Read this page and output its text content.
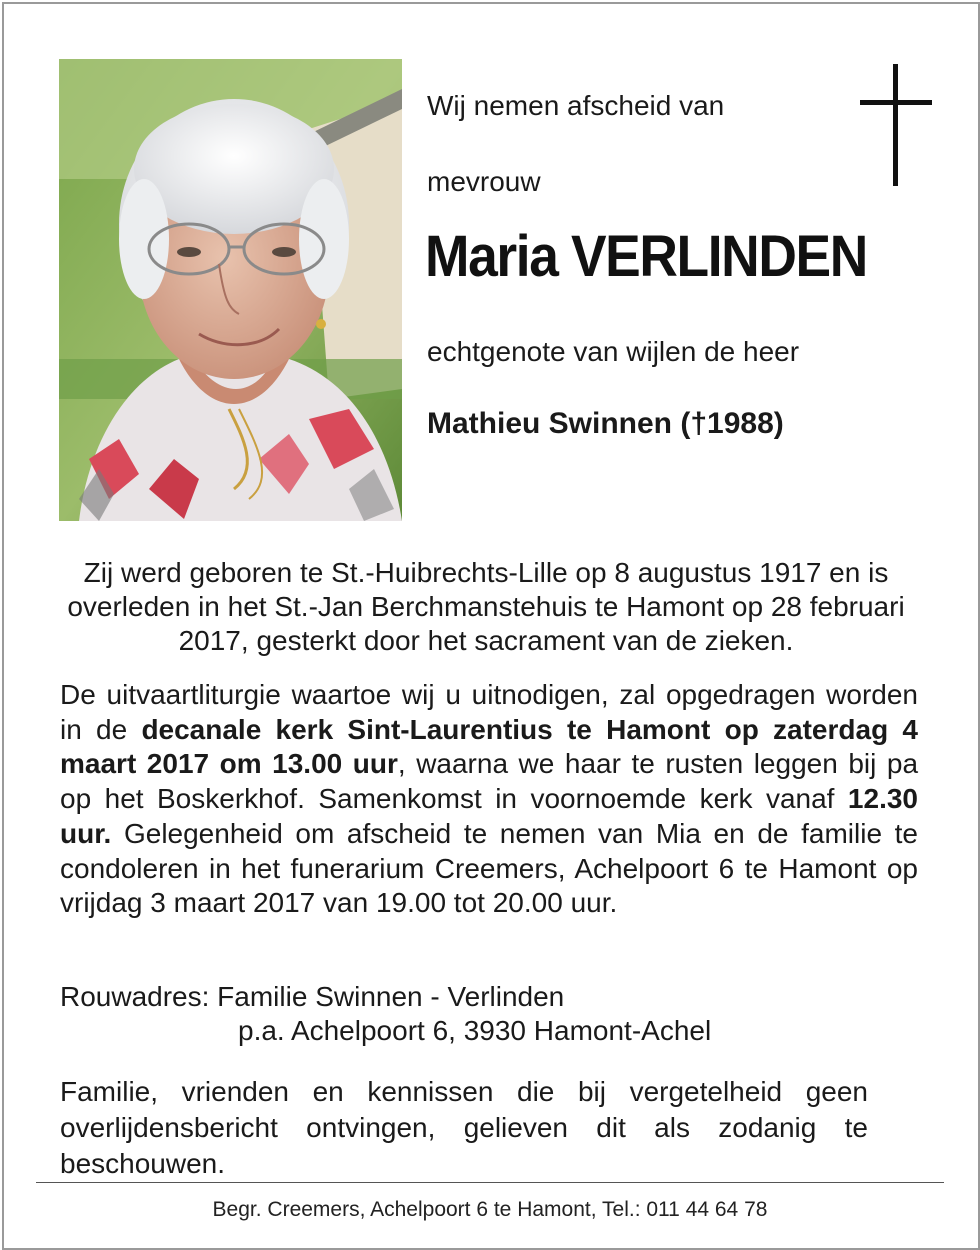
Wij nemen afscheid van
mevrouw
Maria VERLINDEN
echtgenote van wijlen de heer
Mathieu Swinnen (†1988)
Zij werd geboren te St.-Huibrechts-Lille op 8 augustus 1917 en is overleden in het St.-Jan Berchmanstehuis te Hamont op 28 februari 2017, gesterkt door het sacrament van de zieken.
De uitvaartliturgie waartoe wij u uitnodigen, zal opgedragen worden in de decanale kerk Sint-Laurentius te Hamont op zaterdag 4 maart 2017 om 13.00 uur, waarna we haar te rusten leggen bij pa op het Boskerkhof. Samenkomst in voornoemde kerk vanaf 12.30 uur. Gelegenheid om afscheid te nemen van Mia en de familie te condoleren in het funerarium Creemers, Achelpoort 6 te Hamont op vrijdag 3 maart 2017 van 19.00 tot 20.00 uur.
Rouwadres: Familie Swinnen - Verlinden
p.a. Achelpoort 6, 3930 Hamont-Achel
Familie, vrienden en kennissen die bij vergetelheid geen overlijdensbericht ontvingen, gelieven dit als zodanig te beschouwen.
Begr. Creemers, Achelpoort 6 te Hamont, Tel.: 011 44 64 78
